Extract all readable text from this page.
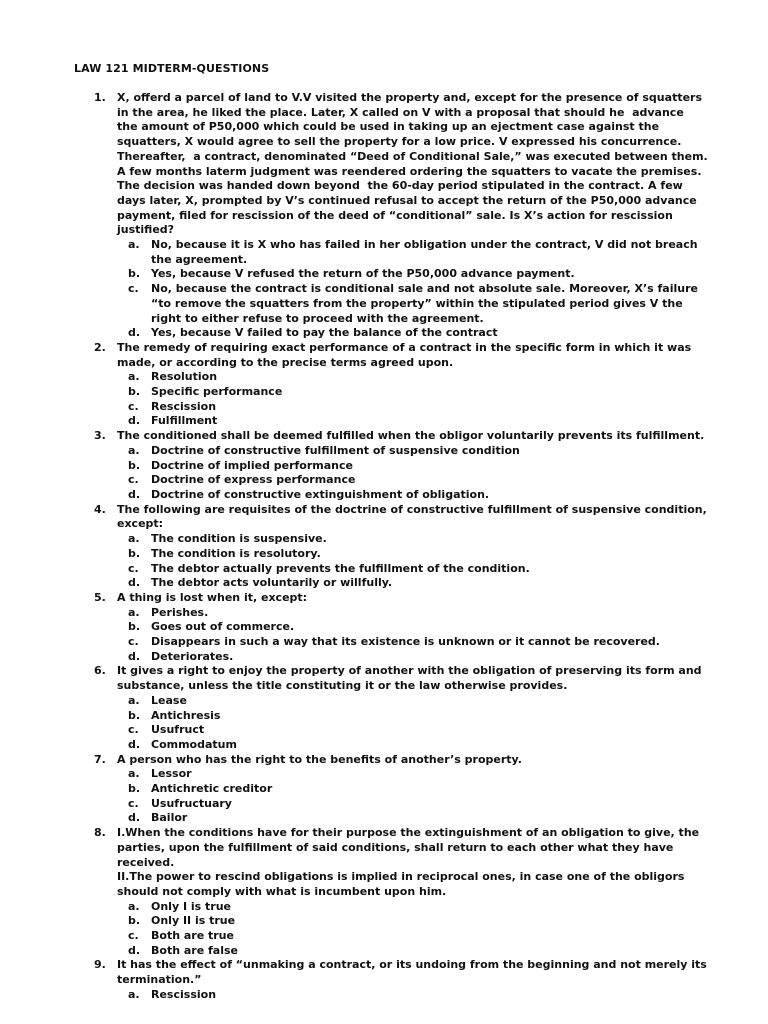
LAW 121 MIDTERM-QUESTIONS
1. X, offerd a parcel of land to V.V visited the property and, except for the presence of squatters in the area, he liked the place. Later, X called on V with a proposal that should he  advance the amount of P50,000 which could be used in taking up an ejectment case against the squatters, X would agree to sell the property for a low price. V expressed his concurrence. Thereafter,  a contract, denominated “Deed of Conditional Sale,” was executed between them.  A few months laterm judgment was reendered ordering the squatters to vacate the premises. The decision was handed down beyond  the 60-day period stipulated in the contract. A few days later, X, prompted by V’s continued refusal to accept the return of the P50,000 advance payment, filed for rescission of the deed of “conditional” sale. Is X’s action for rescission justified?
a. No, because it is X who has failed in her obligation under the contract, V did not breach the agreement.
b. Yes, because V refused the return of the P50,000 advance payment.
c. No, because the contract is conditional sale and not absolute sale. Moreover, X’s failure “to remove the squatters from the property” within the stipulated period gives V the right to either refuse to proceed with the agreement.
d. Yes, because V failed to pay the balance of the contract
2. The remedy of requiring exact performance of a contract in the specific form in which it was made, or according to the precise terms agreed upon.
a. Resolution
b. Specific performance
c. Rescission
d. Fulfillment
3. The conditioned shall be deemed fulfilled when the obligor voluntarily prevents its fulfillment.
a. Doctrine of constructive fulfillment of suspensive condition
b. Doctrine of implied performance
c. Doctrine of express performance
d. Doctrine of constructive extinguishment of obligation.
4. The following are requisites of the doctrine of constructive fulfillment of suspensive condition, except:
a. The condition is suspensive.
b. The condition is resolutory.
c. The debtor actually prevents the fulfillment of the condition.
d. The debtor acts voluntarily or willfully.
5. A thing is lost when it, except:
a. Perishes.
b. Goes out of commerce.
c. Disappears in such a way that its existence is unknown or it cannot be recovered.
d. Deteriorates.
6. It gives a right to enjoy the property of another with the obligation of preserving its form and substance, unless the title constituting it or the law otherwise provides.
a. Lease
b. Antichresis
c. Usufruct
d. Commodatum
7. A person who has the right to the benefits of another’s property.
a. Lessor
b. Antichretic creditor
c. Usufructuary
d. Bailor
8. I.When the conditions have for their purpose the extinguishment of an obligation to give, the parties, upon the fulfillment of said conditions, shall return to each other what they have received.
II.The power to rescind obligations is implied in reciprocal ones, in case one of the obligors should not comply with what is incumbent upon him.
a. Only I is true
b. Only II is true
c. Both are true
d. Both are false
9. It has the effect of “unmaking a contract, or its undoing from the beginning and not merely its termination.”
a. Rescission
